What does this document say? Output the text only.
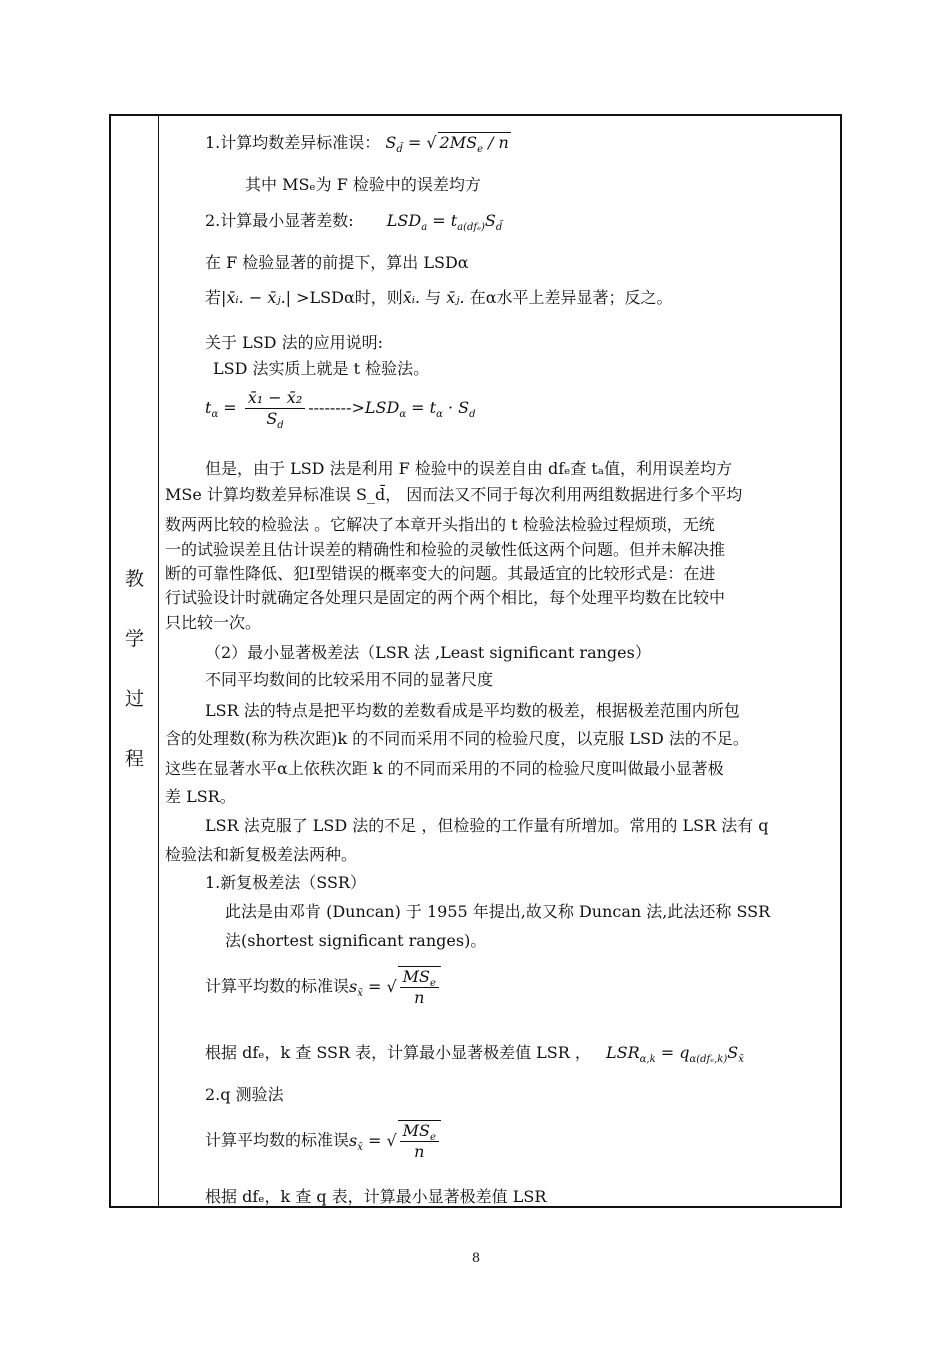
教
学
过
程
1.计算均数差异标准误： $S_{d̄}$ = √ $2MS_e$ / n
其中 MSₑ为 F 检验中的误差均方
2.计算最小显著差数: $LSD_a = t_{a(df_e)}S_{d̄}$
在 F 检验显著的前提下，算出 LSDα
若|x̄ᵢ. − x̄ⱼ.| >LSDα时，则x̄ᵢ. 与 x̄ⱼ. 在α水平上差异显著；反之。
关于 LSD 法的应用说明:
LSD 法实质上就是 t 检验法。
$t_\alpha = \frac{\text{x̄₁ − x̄₂}}{S_d} -------->LSD_\alpha = t_\alpha \cdot S_d$
但是，由于 LSD 法是利用 F 检验中的误差自由 dfₑ查 tₐ值，利用误差均方
MSe 计算均数差异标准误 S_d̄， 因而法又不同于每次利用两组数据进行多个平均
数两两比较的检验法 。它解决了本章开头指出的 t 检验法检验过程烦琐，无统
一的试验误差且估计误差的精确性和检验的灵敏性低这两个问题。但并未解决推
断的可靠性降低、犯Ⅰ型错误的概率变大的问题。其最适宜的比较形式是：在进
行试验设计时就确定各处理只是固定的两个两个相比，每个处理平均数在比较中
只比较一次。
（2）最小显著极差法（LSR 法 ,Least significant ranges）
不同平均数间的比较采用不同的显著尺度
LSR 法的特点是把平均数的差数看成是平均数的极差，根据极差范围内所包
含的处理数(称为秩次距)k 的不同而采用不同的检验尺度，以克服 LSD 法的不足。
这些在显著水平α上依秩次距 k 的不同而采用的不同的检验尺度叫做最小显著极
差 LSR。
LSR 法克服了 LSD 法的不足 ，但检验的工作量有所增加。常用的 LSR 法有 q
检验法和新复极差法两种。
1.新复极差法（SSR）
此法是由邓肯 (Duncan) 于 1955 年提出,故又称 Duncan 法,此法还称 SSR
法(shortest significant ranges)。
计算平均数的标准误$s_{x̄}$ = √ $\frac{MS_e}{n}$
根据 dfₑ，k 查 SSR 表，计算最小显著极差值 LSR ， $LSR_{\alpha,k} = q_{\alpha(df_e,k)}S_{x̄}$
2.q 测验法
计算平均数的标准误$s_{x̄}$ = √ $\frac{MS_e}{n}$
根据 dfₑ，k 查 q 表，计算最小显著极差值 LSR
8
